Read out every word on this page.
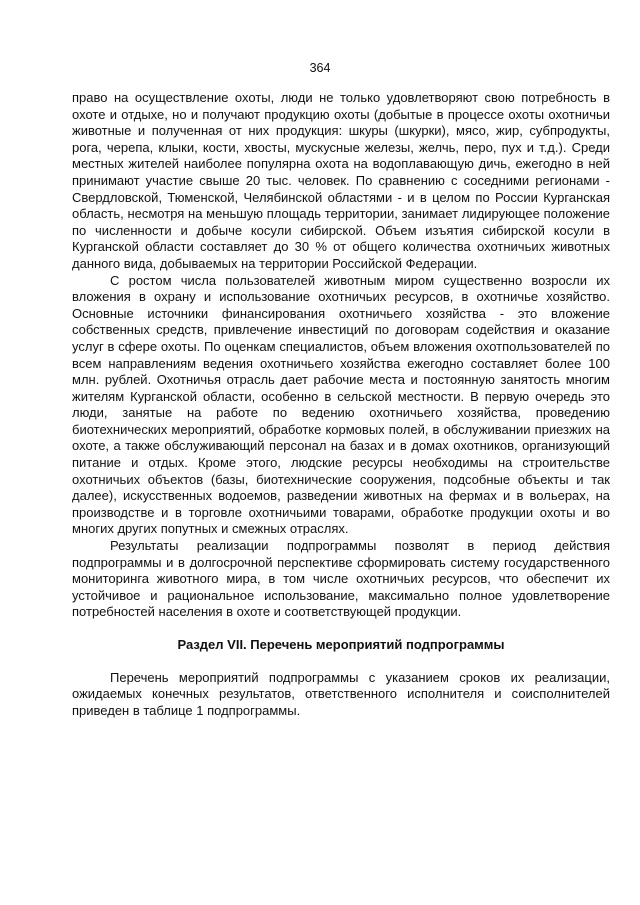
364

право на осуществление охоты, люди не только удовлетворяют свою потребность в охоте и отдыхе, но и получают продукцию охоты (добытые в процессе охоты охотничьи животные и полученная от них продукция: шкуры (шкурки), мясо, жир, субпродукты, рога, черепа, клыки, кости, хвосты, мускусные железы, желчь, перо, пух и т.д.). Среди местных жителей наиболее популярна охота на водоплавающую дичь, ежегодно в ней принимают участие свыше 20 тыс. человек. По сравнению с соседними регионами - Свердловской, Тюменской, Челябинской областями - и в целом по России Курганская область, несмотря на меньшую площадь территории, занимает лидирующее положение по численности и добыче косули сибирской. Объем изъятия сибирской косули в Курганской области составляет до 30 % от общего количества охотничьих животных данного вида, добываемых на территории Российской Федерации.

С ростом числа пользователей животным миром существенно возросли их вложения в охрану и использование охотничьих ресурсов, в охотничье хозяйство. Основные источники финансирования охотничьего хозяйства - это вложение собственных средств, привлечение инвестиций по договорам содействия и оказание услуг в сфере охоты. По оценкам специалистов, объем вложения охотпользователей по всем направлениям ведения охотничьего хозяйства ежегодно составляет более 100 млн. рублей. Охотничья отрасль дает рабочие места и постоянную занятость многим жителям Курганской области, особенно в сельской местности. В первую очередь это люди, занятые на работе по ведению охотничьего хозяйства, проведению биотехнических мероприятий, обработке кормовых полей, в обслуживании приезжих на охоте, а также обслуживающий персонал на базах и в домах охотников, организующий питание и отдых. Кроме этого, людские ресурсы необходимы на строительстве охотничьих объектов (базы, биотехнические сооружения, подсобные объекты и так далее), искусственных водоемов, разведении животных на фермах и в вольерах, на производстве и в торговле охотничьими товарами, обработке продукции охоты и во многих других попутных и смежных отраслях.

Результаты реализации подпрограммы позволят в период действия подпрограммы и в долгосрочной перспективе сформировать систему государственного мониторинга животного мира, в том числе охотничьих ресурсов, что обеспечит их устойчивое и рациональное использование, максимально полное удовлетворение потребностей населения в охоте и соответствующей продукции.

Раздел VII. Перечень мероприятий подпрограммы

Перечень мероприятий подпрограммы с указанием сроков их реализации, ожидаемых конечных результатов, ответственного исполнителя и соисполнителей приведен в таблице 1 подпрограммы.
